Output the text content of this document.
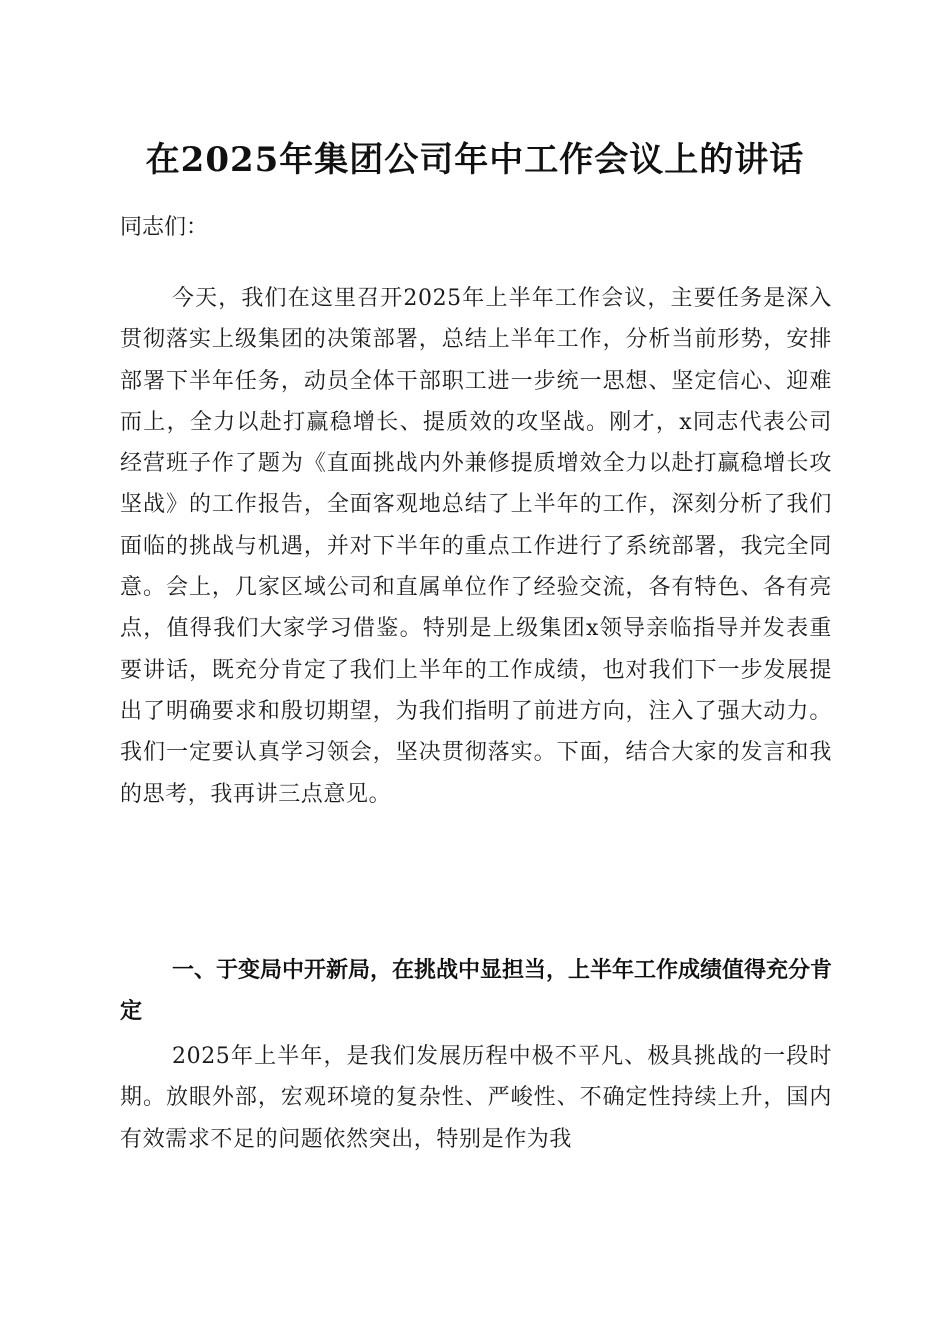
在2025年集团公司年中工作会议上的讲话
同志们：
今天，我们在这里召开2025年上半年工作会议，主要任务是深入贯彻落实上级集团的决策部署，总结上半年工作，分析当前形势，安排部署下半年任务，动员全体干部职工进一步统一思想、坚定信心、迎难而上，全力以赴打赢稳增长、提质效的攻坚战。刚才，x同志代表公司经营班子作了题为《直面挑战内外兼修提质增效全力以赴打赢稳增长攻坚战》的工作报告，全面客观地总结了上半年的工作，深刻分析了我们面临的挑战与机遇，并对下半年的重点工作进行了系统部署，我完全同意。会上，几家区域公司和直属单位作了经验交流，各有特色、各有亮点，值得我们大家学习借鉴。特别是上级集团x领导亲临指导并发表重要讲话，既充分肯定了我们上半年的工作成绩，也对我们下一步发展提出了明确要求和殷切期望，为我们指明了前进方向，注入了强大动力。我们一定要认真学习领会，坚决贯彻落实。下面，结合大家的发言和我的思考，我再讲三点意见。
一、于变局中开新局，在挑战中显担当，上半年工作成绩值得充分肯定
2025年上半年，是我们发展历程中极不平凡、极具挑战的一段时期。放眼外部，宏观环境的复杂性、严峻性、不确定性持续上升，国内有效需求不足的问题依然突出，特别是作为我
